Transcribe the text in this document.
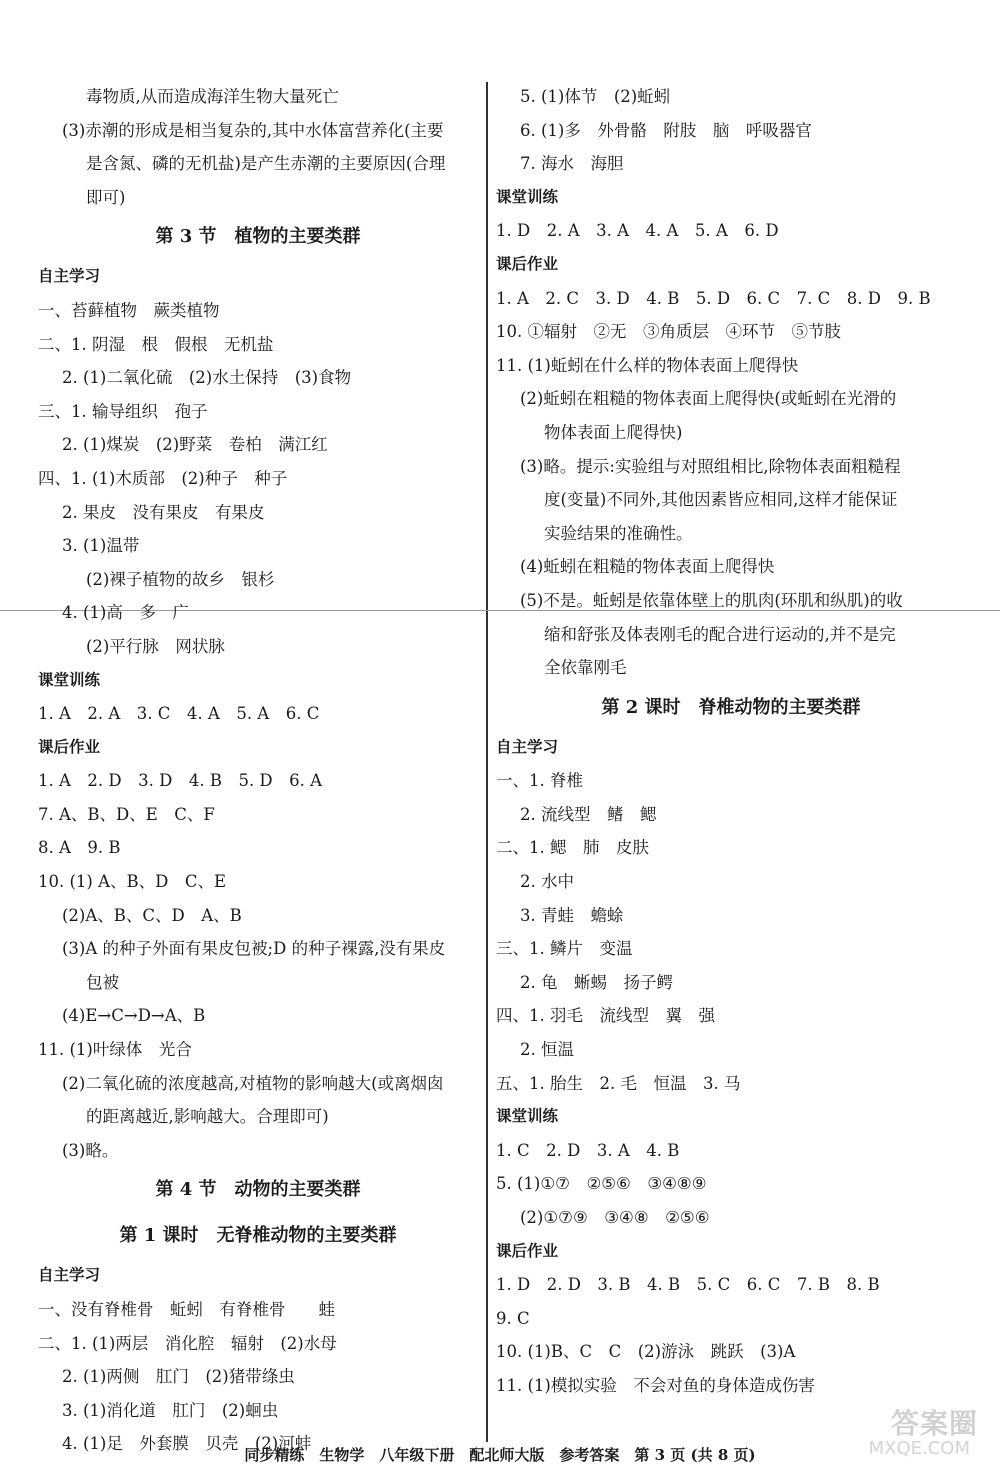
毒物质,从而造成海洋生物大量死亡
(3)赤潮的形成是相当复杂的,其中水体富营养化(主要
是含氮、磷的无机盐)是产生赤潮的主要原因(合理
即可)
第 3 节　植物的主要类群
自主学习
一、苔藓植物　蕨类植物
二、1. 阴湿　根　假根　无机盐
2. (1)二氧化硫　(2)水土保持　(3)食物
三、1. 输导组织　孢子
2. (1)煤炭　(2)野菜　卷柏　满江红
四、1. (1)木质部　(2)种子　种子
2. 果皮　没有果皮　有果皮
3. (1)温带
(2)裸子植物的故乡　银杉
4. (1)高　多　广
(2)平行脉　网状脉
课堂训练
1. A　2. A　3. C　4. A　5. A　6. C
课后作业
1. A　2. D　3. D　4. B　5. D　6. A
7. A、B、D、E　C、F
8. A　9. B
10. (1) A、B、D　C、E
(2)A、B、C、D　A、B
(3)A 的种子外面有果皮包被;D 的种子裸露,没有果皮
包被
(4)E→C→D→A、B
11. (1)叶绿体　光合
(2)二氧化硫的浓度越高,对植物的影响越大(或离烟囱
的距离越近,影响越大。合理即可)
(3)略。
第 4 节　动物的主要类群
第 1 课时　无脊椎动物的主要类群
自主学习
一、没有脊椎骨　蚯蚓　有脊椎骨　　蛙
二、1. (1)两层　消化腔　辐射　(2)水母
2. (1)两侧　肛门　(2)猪带绦虫
3. (1)消化道　肛门　(2)蛔虫
4. (1)足　外套膜　贝壳　(2)河蚌
5. (1)体节　(2)蚯蚓
6. (1)多　外骨骼　附肢　脑　呼吸器官
7. 海水　海胆
课堂训练
1. D　2. A　3. A　4. A　5. A　6. D
课后作业
1. A　2. C　3. D　4. B　5. D　6. C　7. C　8. D　9. B
10. ①辐射　②无　③角质层　④环节　⑤节肢
11. (1)蚯蚓在什么样的物体表面上爬得快
(2)蚯蚓在粗糙的物体表面上爬得快(或蚯蚓在光滑的
物体表面上爬得快)
(3)略。提示:实验组与对照组相比,除物体表面粗糙程
度(变量)不同外,其他因素皆应相同,这样才能保证
实验结果的准确性。
(4)蚯蚓在粗糙的物体表面上爬得快
(5)不是。蚯蚓是依靠体壁上的肌肉(环肌和纵肌)的收
缩和舒张及体表刚毛的配合进行运动的,并不是完
全依靠刚毛
第 2 课时　脊椎动物的主要类群
自主学习
一、1. 脊椎
2. 流线型　鳍　鳃
二、1. 鳃　肺　皮肤
2. 水中
3. 青蛙　蟾蜍
三、1. 鳞片　变温
2. 龟　蜥蜴　扬子鳄
四、1. 羽毛　流线型　翼　强
2. 恒温
五、1. 胎生　2. 毛　恒温　3. 马
课堂训练
1. C　2. D　3. A　4. B
5. (1)①⑦　②⑤⑥　③④⑧⑨
(2)①⑦⑨　③④⑧　②⑤⑥
课后作业
1. D　2. D　3. B　4. B　5. C　6. C　7. B　8. B
9. C
10. (1)B、C　C　(2)游泳　跳跃　(3)A
11. (1)模拟实验　不会对鱼的身体造成伤害
同步精练　生物学　八年级下册　配北师大版　参考答案　第 3 页 (共 8 页)
答案圈
MXQE.COM
